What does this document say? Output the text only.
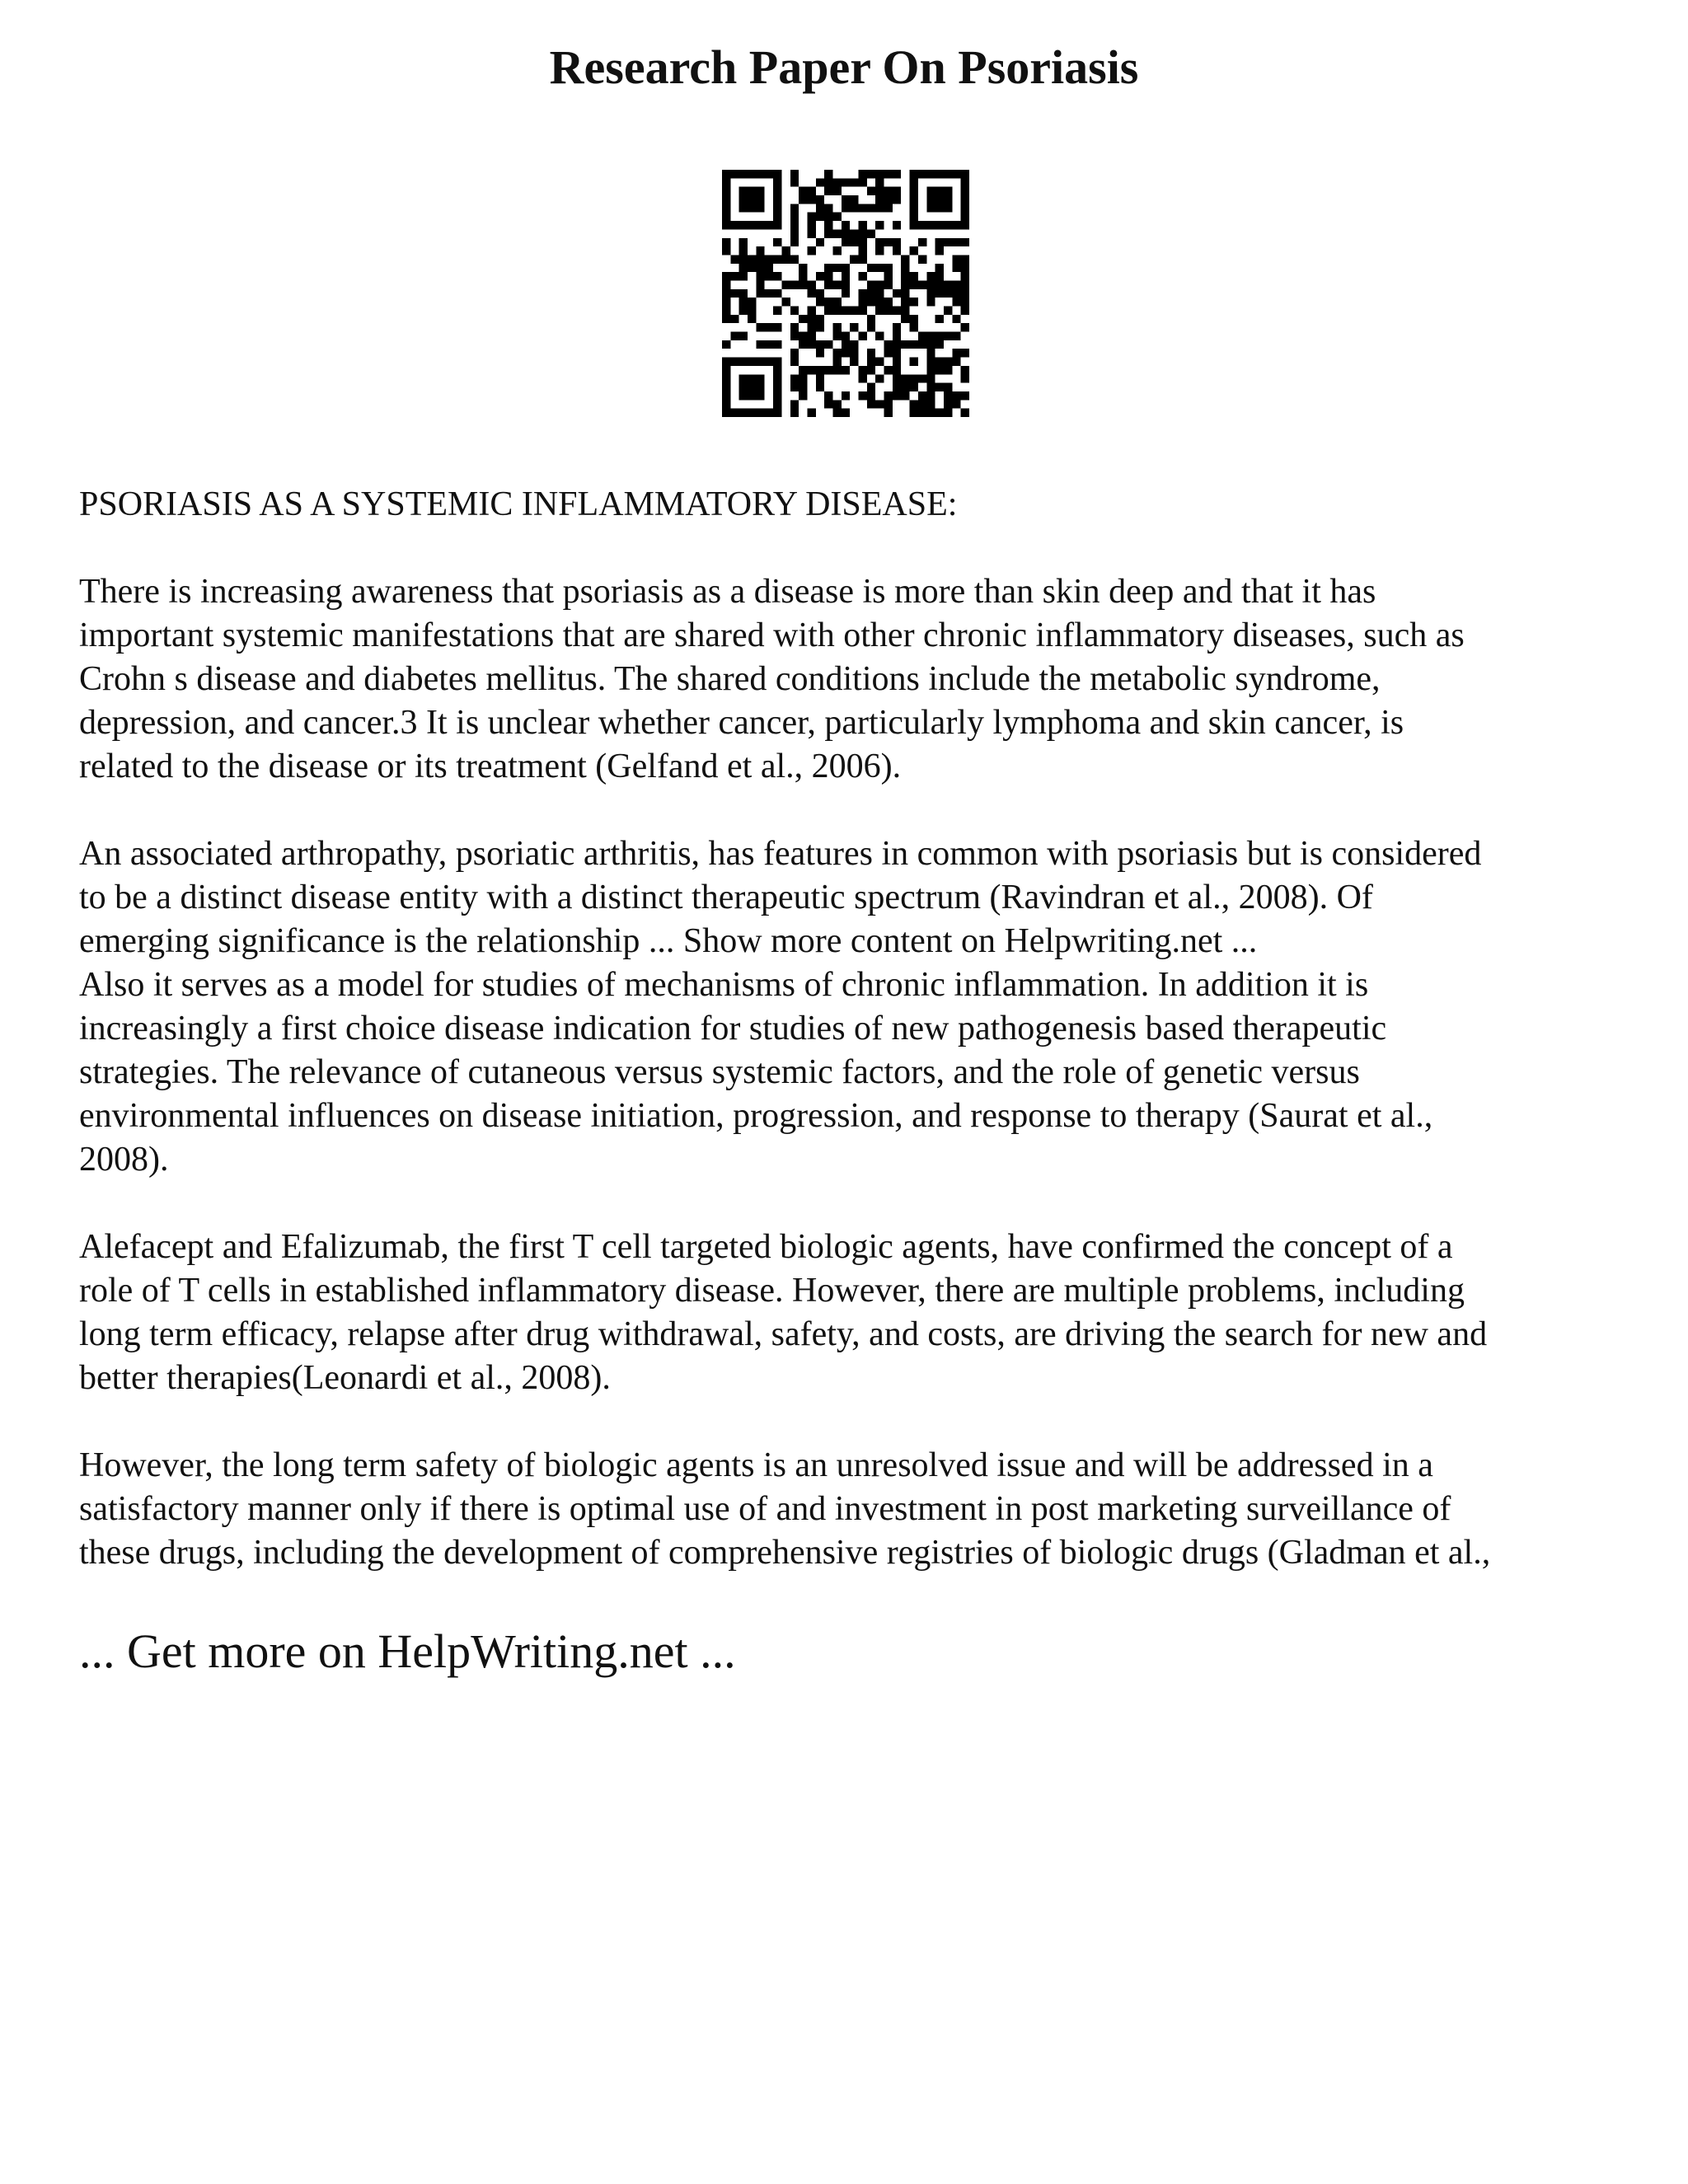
Research Paper On Psoriasis

PSORIASIS AS A SYSTEMIC INFLAMMATORY DISEASE:

There is increasing awareness that psoriasis as a disease is more than skin deep and that it has
important systemic manifestations that are shared with other chronic inflammatory diseases, such as
Crohn s disease and diabetes mellitus. The shared conditions include the metabolic syndrome,
depression, and cancer.3 It is unclear whether cancer, particularly lymphoma and skin cancer, is
related to the disease or its treatment (Gelfand et al., 2006).

An associated arthropathy, psoriatic arthritis, has features in common with psoriasis but is considered
to be a distinct disease entity with a distinct therapeutic spectrum (Ravindran et al., 2008). Of
emerging significance is the relationship ... Show more content on Helpwriting.net ...

Also it serves as a model for studies of mechanisms of chronic inflammation. In addition it is
increasingly a first choice disease indication for studies of new pathogenesis based therapeutic
strategies. The relevance of cutaneous versus systemic factors, and the role of genetic versus
environmental influences on disease initiation, progression, and response to therapy (Saurat et al.,
2008).

Alefacept and Efalizumab, the first T cell targeted biologic agents, have confirmed the concept of a
role of T cells in established inflammatory disease. However, there are multiple problems, including
long term efficacy, relapse after drug withdrawal, safety, and costs, are driving the search for new and
better therapies(Leonardi et al., 2008).

However, the long term safety of biologic agents is an unresolved issue and will be addressed in a
satisfactory manner only if there is optimal use of and investment in post marketing surveillance of
these drugs, including the development of comprehensive registries of biologic drugs (Gladman et al.,

... Get more on HelpWriting.net ...
